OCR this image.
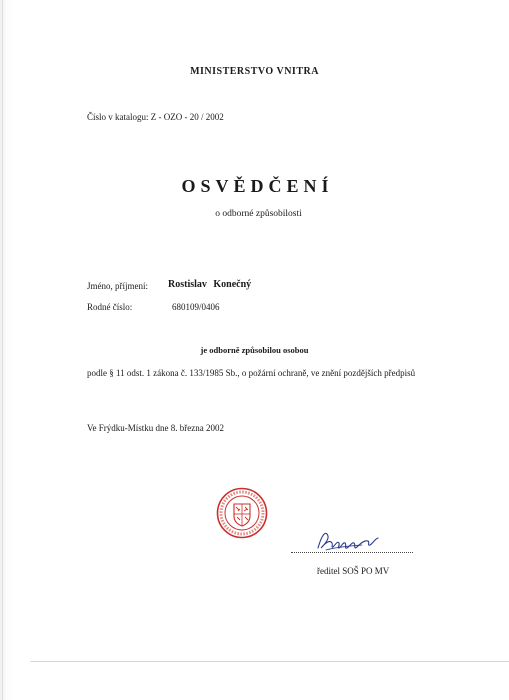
MINISTERSTVO VNITRA
Číslo v katalogu: Z - OZO - 20 / 2002
OSVĚDČENÍ
o odborné způsobilosti
Jméno, příjmení: Rostislav Konečný
Rodné číslo:	680109/0406
je odborně způsobilou osobou
podle § 11 odst. 1 zákona č. 133/1985 Sb., o požární ochraně, ve znění pozdějších předpisů
Ve Frýdku-Místku dne 8. března 2002
ředitel SOŠ PO MV
